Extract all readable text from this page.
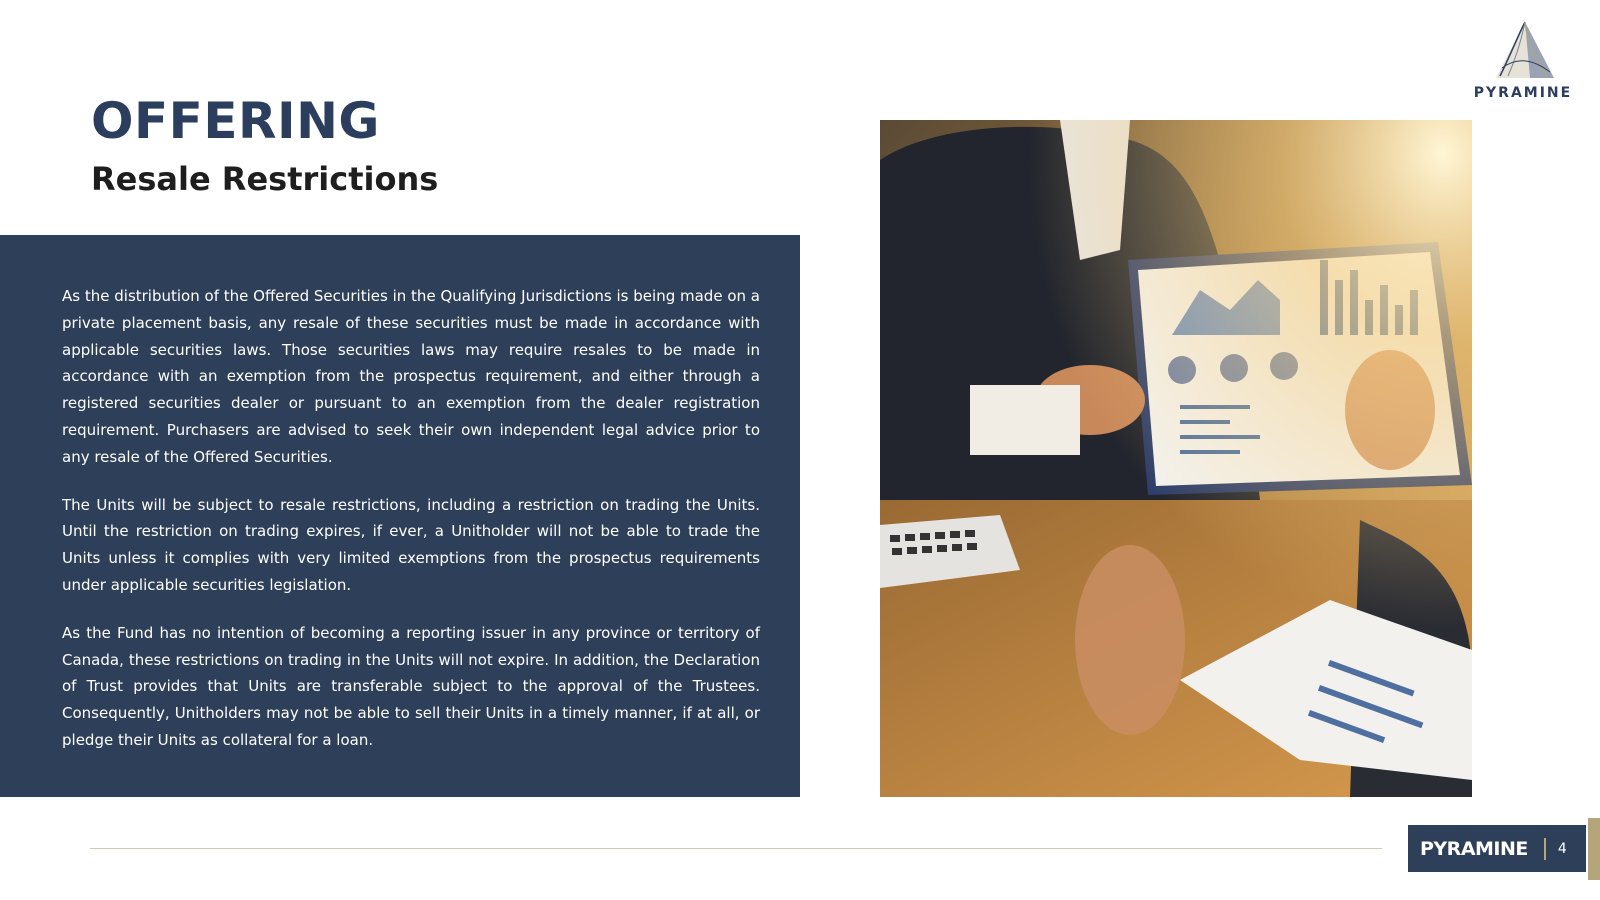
OFFERING
Resale Restrictions
PYRAMINE

As the distribution of the Offered Securities in the Qualifying Jurisdictions is being made on a private placement basis, any resale of these securities must be made in accordance with applicable securities laws. Those securities laws may require resales to be made in accordance with an exemption from the prospectus requirement, and either through a registered securities dealer or pursuant to an exemption from the dealer registration requirement. Purchasers are advised to seek their own independent legal advice prior to any resale of the Offered Securities.

The Units will be subject to resale restrictions, including a restriction on trading the Units. Until the restriction on trading expires, if ever, a Unitholder will not be able to trade the Units unless it complies with very limited exemptions from the prospectus requirements under applicable securities legislation.

As the Fund has no intention of becoming a reporting issuer in any province or territory of Canada, these restrictions on trading in the Units will not expire. In addition, the Declaration of Trust provides that Units are transferable subject to the approval of the Trustees. Consequently, Unitholders may not be able to sell their Units in a timely manner, if at all, or pledge their Units as collateral for a loan.

PYRAMINE 4
